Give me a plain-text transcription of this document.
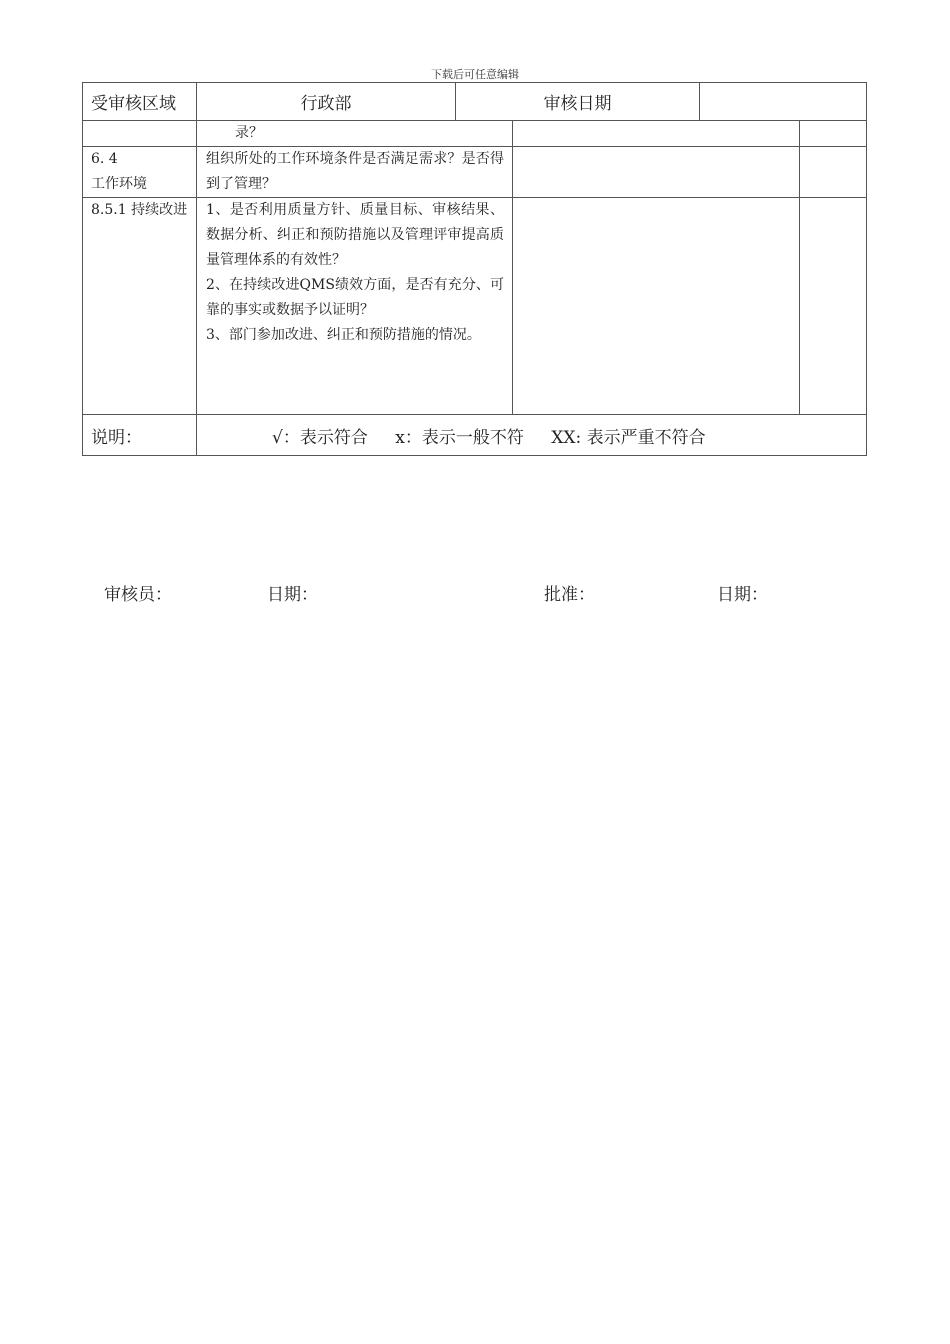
下载后可任意编辑
受审核区域	行政部	审核日期	
	录？		

6. 4
工作环境	组织所处的工作环境条件是否满足需求？是否得到了管理？		
8.5.1 持续改进	1、是否利用质量方针、质量目标、审核结果、数据分析、纠正和预防措施以及管理评审提高质量管理体系的有效性？
2、在持续改进QMS绩效方面，是否有充分、可靠的事实或数据予以证明？
3、部门参加改进、纠正和预防措施的情况。		

说明：	√：表示符合 x：表示一般不符 XX: 表示严重不符合		
审核员：	日期：	批准：	日期：
